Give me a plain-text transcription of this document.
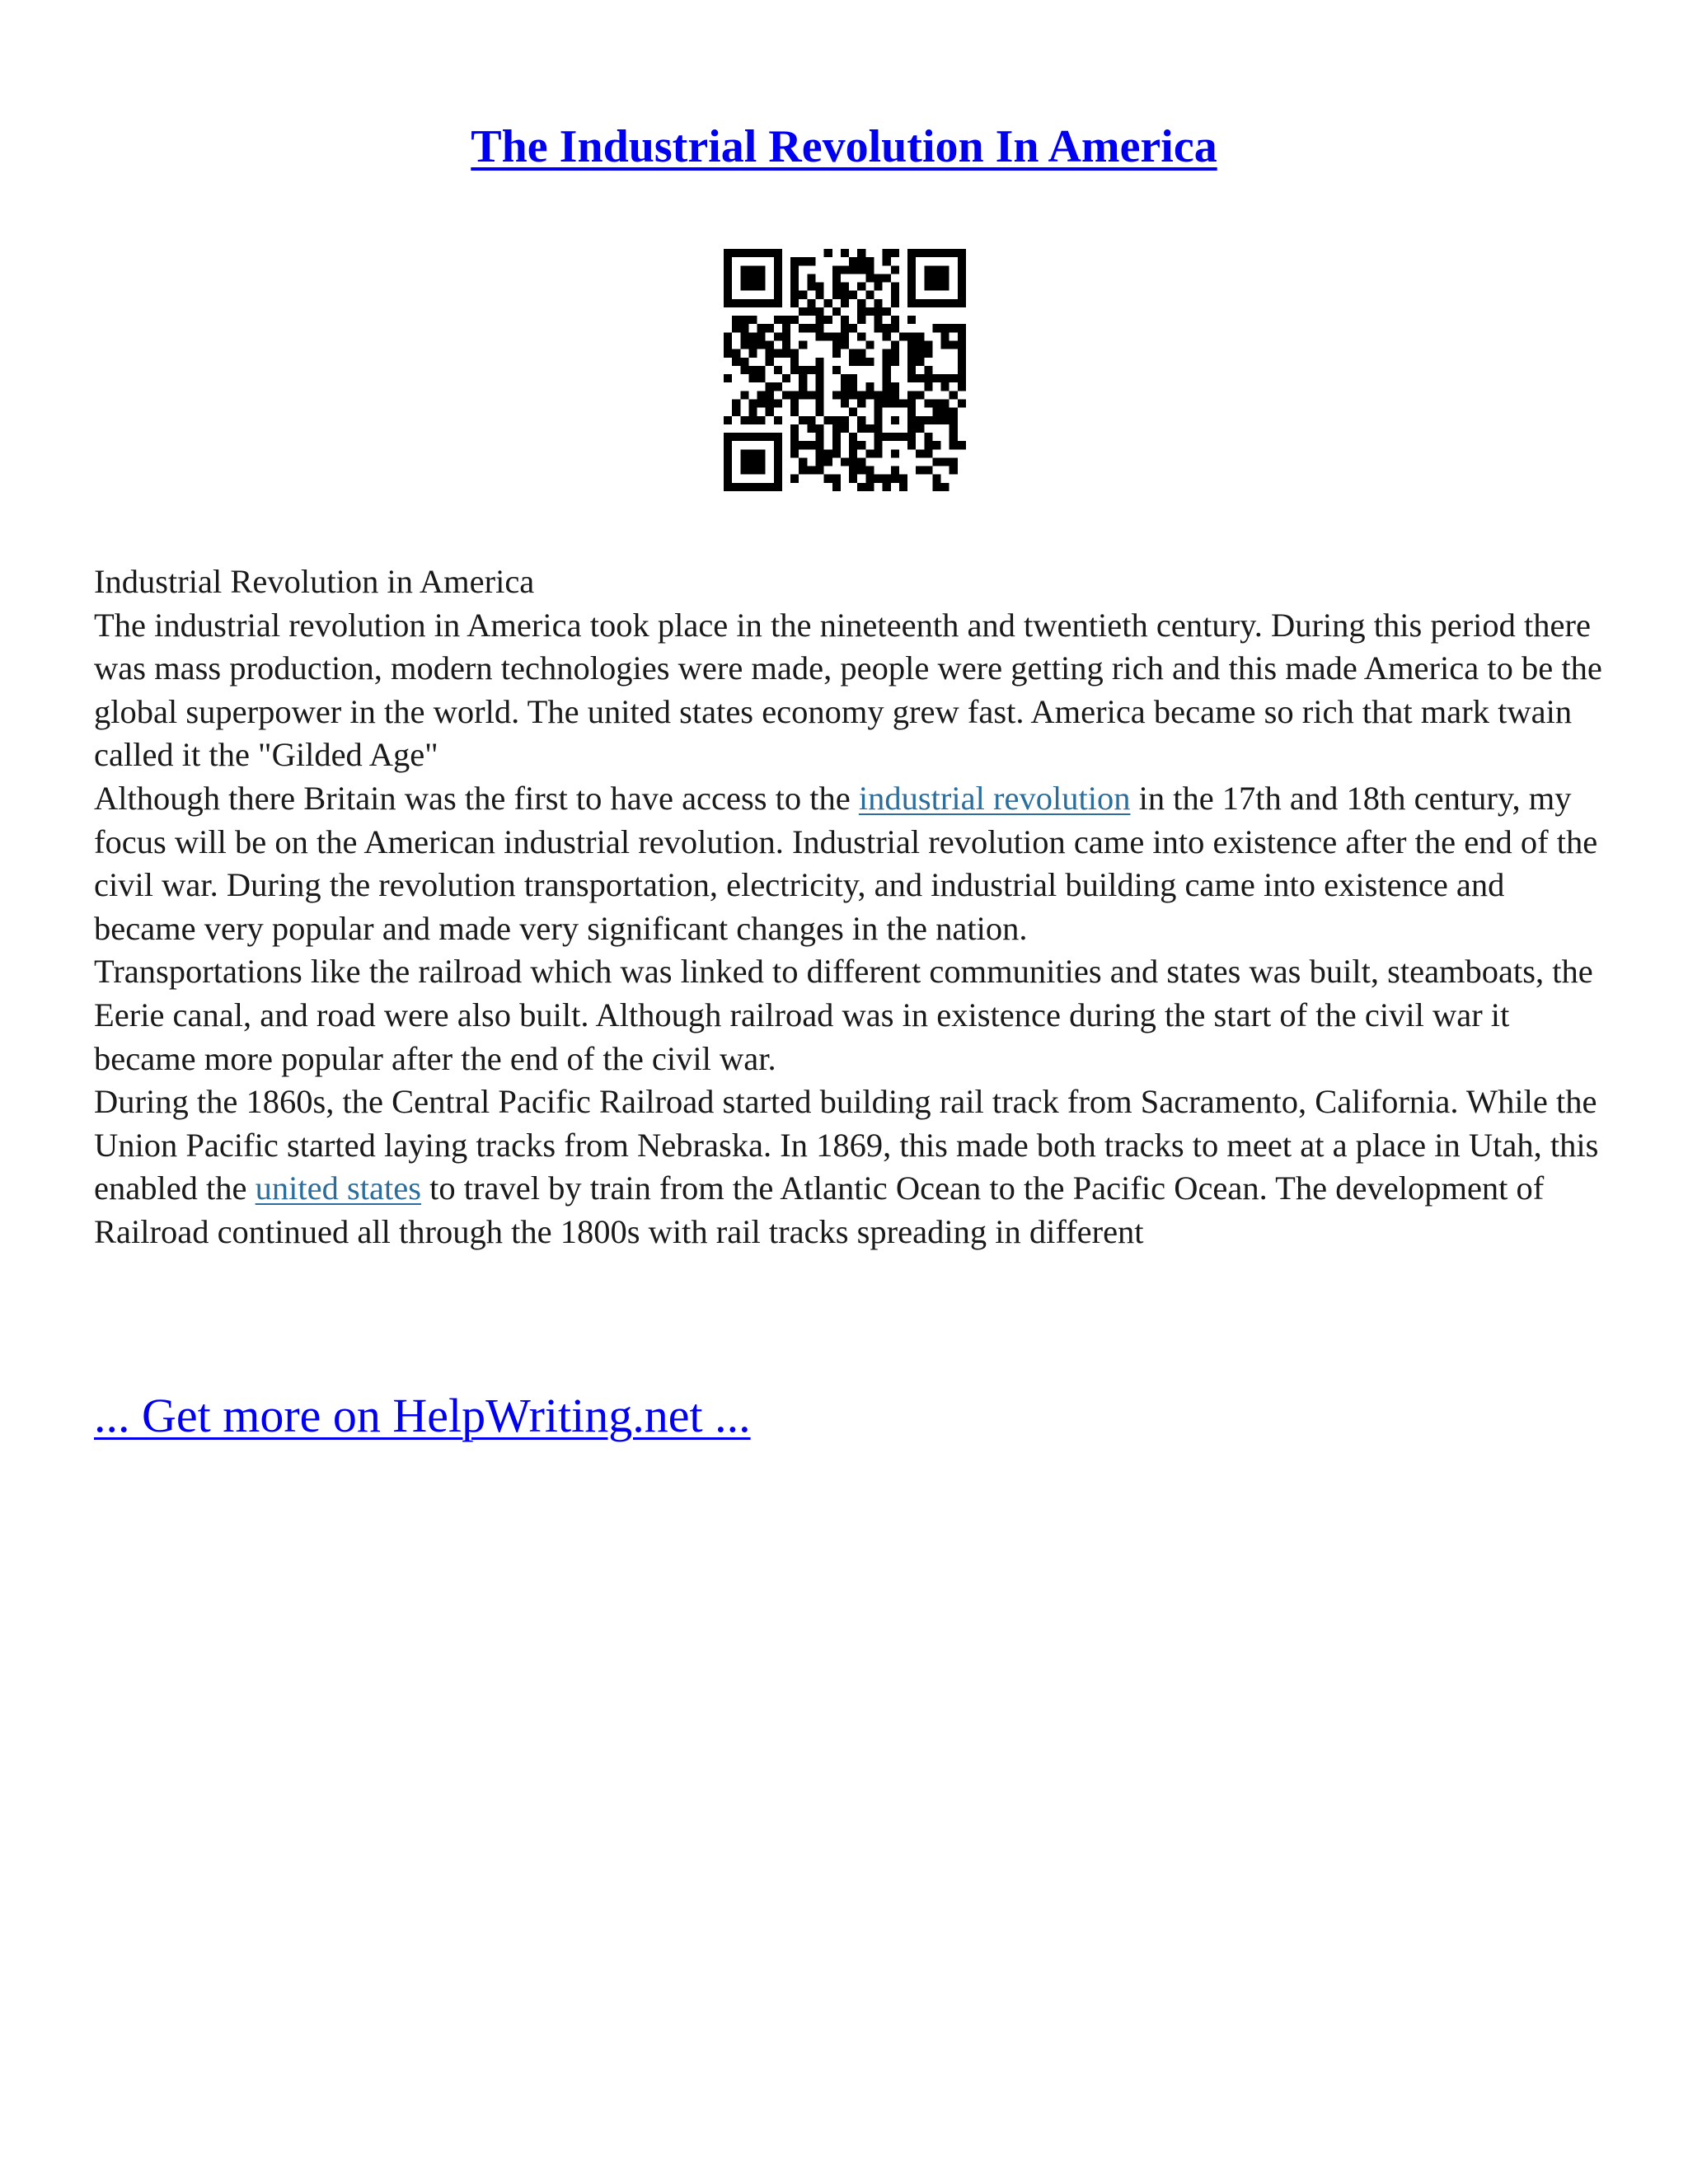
The Industrial Revolution In America

Industrial Revolution in America

The industrial revolution in America took place in the nineteenth and twentieth century. During this period there was mass production, modern technologies were made, people were getting rich and this made America to be the global superpower in the world. The united states economy grew fast. America became so rich that mark twain called it the "Gilded Age"

Although there Britain was the first to have access to the industrial revolution in the 17th and 18th century, my focus will be on the American industrial revolution. Industrial revolution came into existence after the end of the civil war. During the revolution transportation, electricity, and industrial building came into existence and became very popular and made very significant changes in the nation.

Transportations like the railroad which was linked to different communities and states was built, steamboats, the Eerie canal, and road were also built. Although railroad was in existence during the start of the civil war it became more popular after the end of the civil war.

During the 1860s, the Central Pacific Railroad started building rail track from Sacramento, California. While the Union Pacific started laying tracks from Nebraska. In 1869, this made both tracks to meet at a place in Utah, this enabled the united states to travel by train from the Atlantic Ocean to the Pacific Ocean. The development of Railroad continued all through the 1800s with rail tracks spreading in different

... Get more on HelpWriting.net ...
